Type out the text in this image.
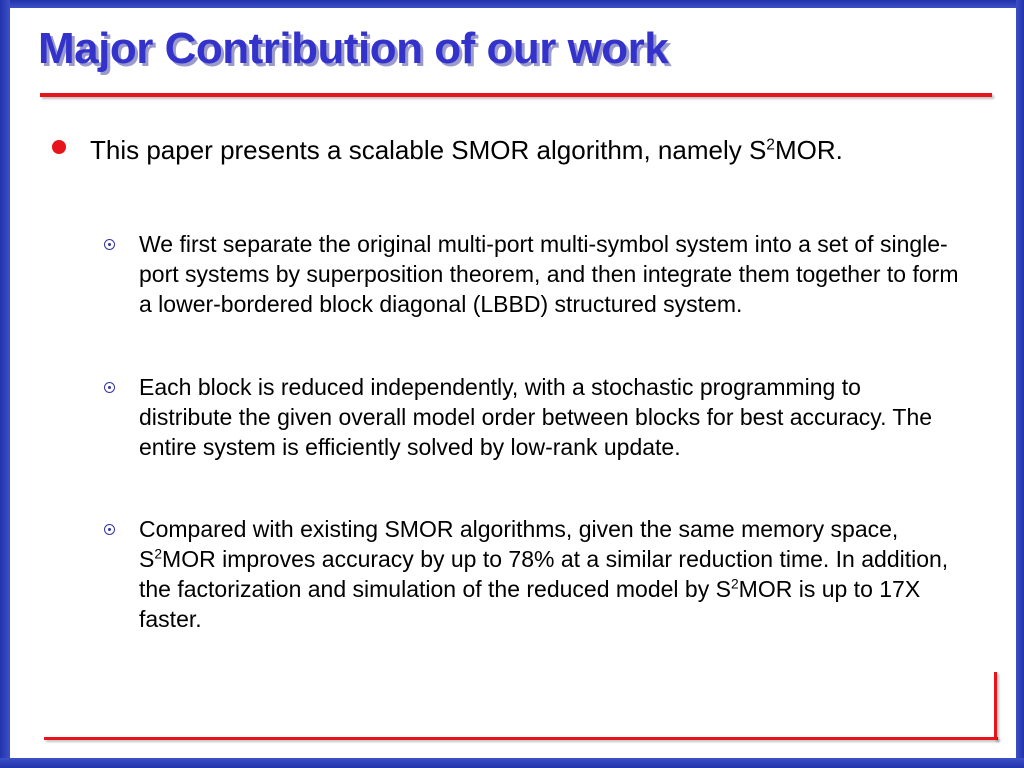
Major Contribution of our work
This paper presents a scalable SMOR algorithm, namely $S^2MOR$.
We first separate the original multi-port multi-symbol system into a set of single-port systems by superposition theorem, and then integrate them together to form a lower-bordered block diagonal (LBBD) structured system.
Each block is reduced independently, with a stochastic programming to distribute the given overall model order between blocks for best accuracy. The entire system is efficiently solved by low-rank update.
Compared with existing SMOR algorithms, given the same memory space, $S^2MOR$ improves accuracy by up to 78% at a similar reduction time. In addition, the factorization and simulation of the reduced model by $S^2MOR$ is up to 17X faster.
